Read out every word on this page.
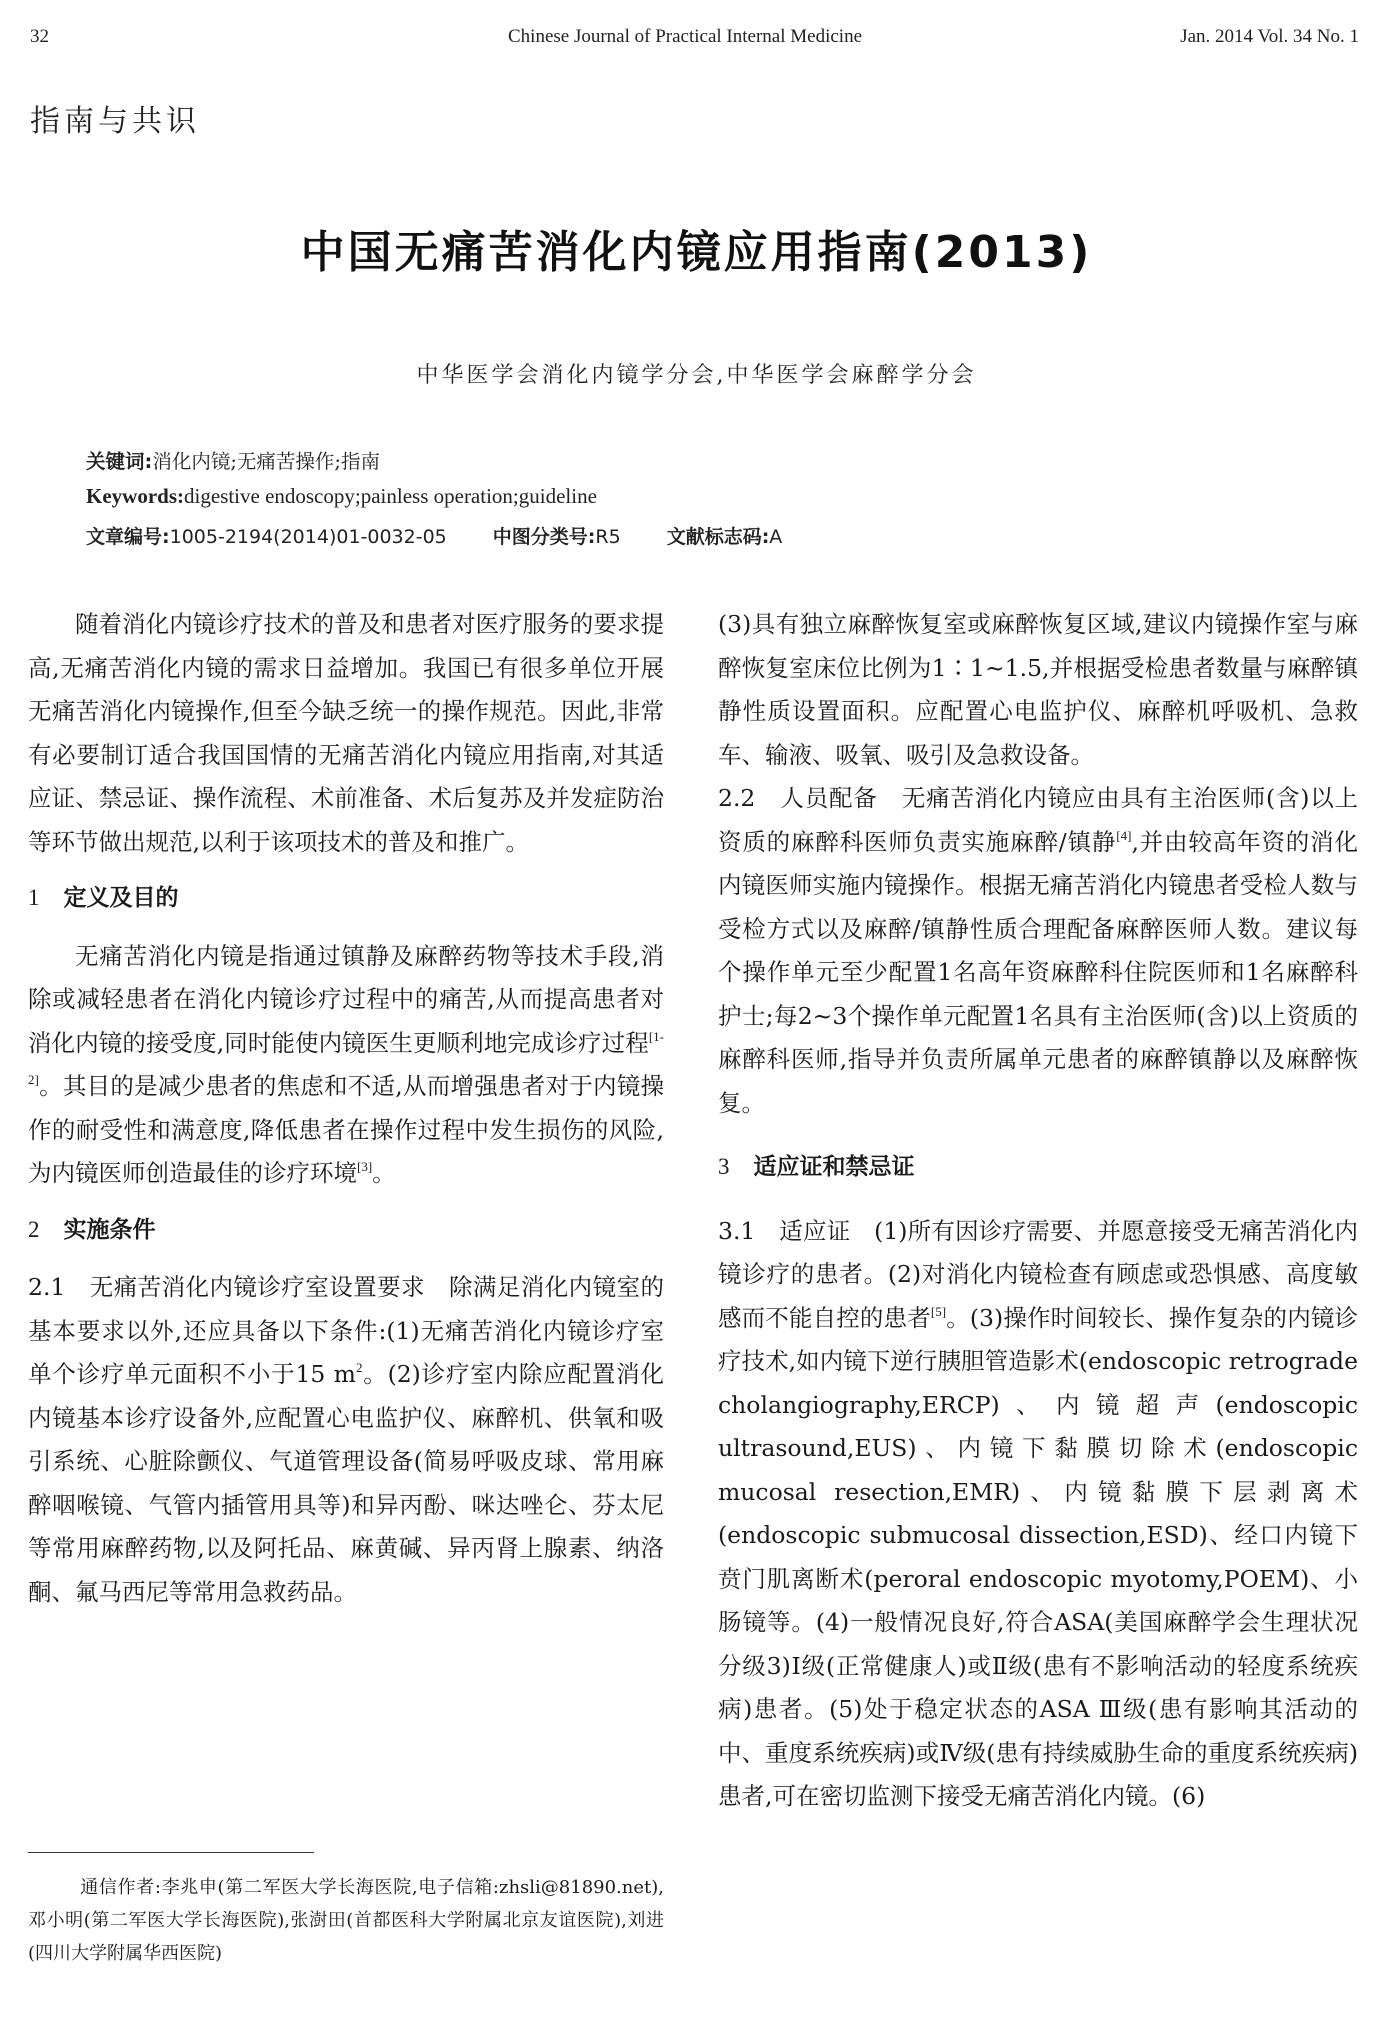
32	Chinese Journal of Practical Internal Medicine	Jan. 2014 Vol. 34 No. 1
指南与共识
中国无痛苦消化内镜应用指南(2013)
中华医学会消化内镜学分会,中华医学会麻醉学分会
关键词:消化内镜;无痛苦操作;指南
Keywords:digestive endoscopy;painless operation;guideline
文章编号:1005-2194(2014)01-0032-05 中图分类号:R5 文献标志码:A

随着消化内镜诊疗技术的普及和患者对医疗服务的要求提高,无痛苦消化内镜的需求日益增加。我国已有很多单位开展无痛苦消化内镜操作,但至今缺乏统一的操作规范。因此,非常有必要制订适合我国国情的无痛苦消化内镜应用指南,对其适应证、禁忌证、操作流程、术前准备、术后复苏及并发症防治等环节做出规范,以利于该项技术的普及和推广。

1 定义及目的

无痛苦消化内镜是指通过镇静及麻醉药物等技术手段,消除或减轻患者在消化内镜诊疗过程中的痛苦,从而提高患者对消化内镜的接受度,同时能使内镜医生更顺利地完成诊疗过程[1-2]。其目的是减少患者的焦虑和不适,从而增强患者对于内镜操作的耐受性和满意度,降低患者在操作过程中发生损伤的风险,为内镜医师创造最佳的诊疗环境[3]。

2 实施条件

2.1　无痛苦消化内镜诊疗室设置要求　除满足消化内镜室的基本要求以外,还应具备以下条件:(1)无痛苦消化内镜诊疗室单个诊疗单元面积不小于15 $m^2$。(2)诊疗室内除应配置消化内镜基本诊疗设备外,应配置心电监护仪、麻醉机、供氧和吸引系统、心脏除颤仪、气道管理设备(简易呼吸皮球、常用麻醉咽喉镜、气管内插管用具等)和异丙酚、咪达唑仑、芬太尼等常用麻醉药物,以及阿托品、麻黄碱、异丙肾上腺素、纳洛酮、氟马西尼等常用急救药品。

(3)具有独立麻醉恢复室或麻醉恢复区域,建议内镜操作室与麻醉恢复室床位比例为1∶1~1.5,并根据受检患者数量与麻醉镇静性质设置面积。应配置心电监护仪、麻醉机呼吸机、急救车、输液、吸氧、吸引及急救设备。

2.2　人员配备　无痛苦消化内镜应由具有主治医师(含)以上资质的麻醉科医师负责实施麻醉/镇静[4],并由较高年资的消化内镜医师实施内镜操作。根据无痛苦消化内镜患者受检人数与受检方式以及麻醉/镇静性质合理配备麻醉医师人数。建议每个操作单元至少配置1名高年资麻醉科住院医师和1名麻醉科护士;每2~3个操作单元配置1名具有主治医师(含)以上资质的麻醉科医师,指导并负责所属单元患者的麻醉镇静以及麻醉恢复。

3 适应证和禁忌证

3.1　适应证　(1)所有因诊疗需要、并愿意接受无痛苦消化内镜诊疗的患者。(2)对消化内镜检查有顾虑或恐惧感、高度敏感而不能自控的患者[5]。(3)操作时间较长、操作复杂的内镜诊疗技术,如内镜下逆行胰胆管造影术(endoscopic retrograde cholangiography,ERCP)、内镜超声(endoscopic ultrasound,EUS)、内镜下黏膜切除术(endoscopic mucosal resection,EMR)、内镜黏膜下层剥离术(endoscopic submucosal dissection,ESD)、经口内镜下贲门肌离断术(peroral endoscopic myotomy,POEM)、小肠镜等。(4)一般情况良好,符合ASA(美国麻醉学会生理状况分级3)Ⅰ级(正常健康人)或Ⅱ级(患有不影响活动的轻度系统疾病)患者。(5)处于稳定状态的ASA Ⅲ级(患有影响其活动的中、重度系统疾病)或Ⅳ级(患有持续威胁生命的重度系统疾病)患者,可在密切监测下接受无痛苦消化内镜。(6)

通信作者:李兆申(第二军医大学长海医院,电子信箱:zhsli@81890.net),邓小明(第二军医大学长海医院),张澍田(首都医科大学附属北京友谊医院),刘进(四川大学附属华西医院)
